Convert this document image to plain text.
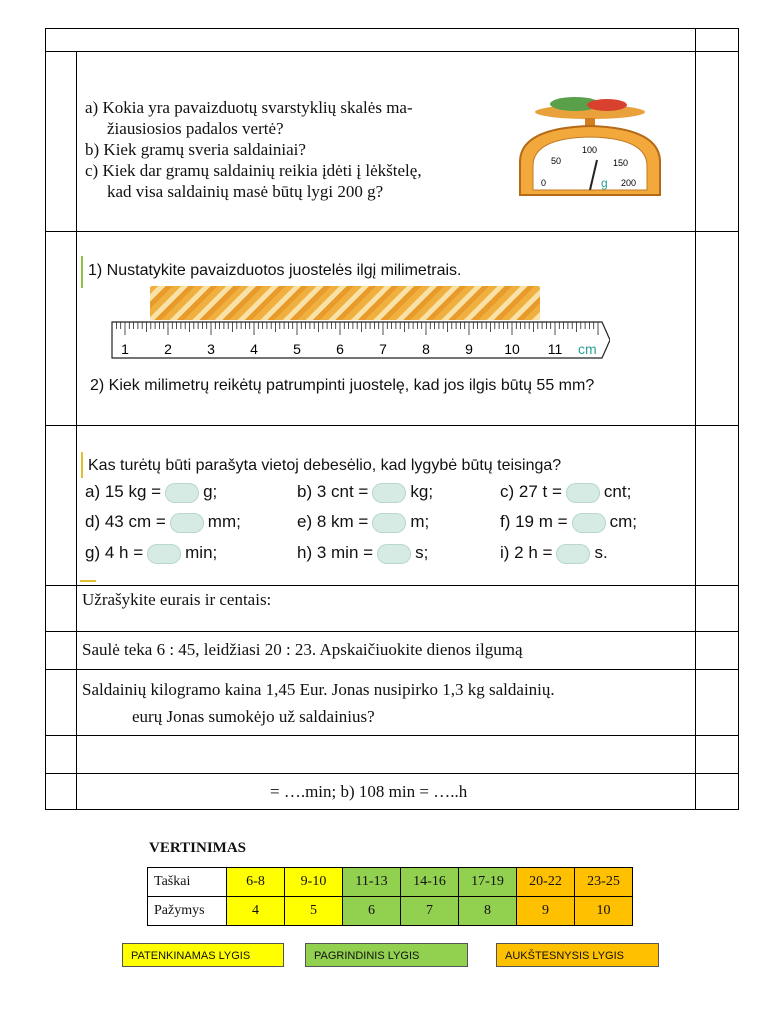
a) Kokia yra pavaizduotų svarstyklių skalės ma-
žiausiosios padalos vertė?
b) Kiek gramų sveria saldainiai?
c) Kiek dar gramų saldainių reikia įdėti į lėkštelę,
kad visa saldainių masė būtų lygi 200 g?	0
50
100
150
200
g
1) Nustatykite pavaizduotos juostelės ilgį milimetrais.
1	2	3	4	5	6	7	8	9 10 11 cm
2) Kiek milimetrų reikėtų patrumpinti juostelę, kad jos ilgis būtų 55 mm?
Kas turėtų būti parašyta vietoj debesėlio, kad lygybė būtų teisinga?
a) 15 kg = g;	b) 3 cnt = kg;	c) 27 t = cnt;
d) 43 cm = mm;	e) 8 km = m;	f) 19 m = cm;
g) 4 h = min;	h) 3 min = s;	i) 2 h = s.
Užrašykite eurais ir centais:
Saulė teka 6 : 45, leidžiasi 20 : 23. Apskaičiuokite dienos ilgumą
Saldainių kilogramo kaina 1,45 Eur. Jonas nusipirko 1,3 kg saldainių.
eurų Jonas sumokėjo už saldainius?
= ….min; b) 108 min = …..h
VERTINIMAS
Taškai	6-8	9-10	11-13	14-16	17-19	20-22	23-25
Pažymys	4	5	6	7	8	9	10
PATENKINAMAS LYGIS	PAGRINDINIS LYGIS	AUKŠTESNYSIS LYGIS
